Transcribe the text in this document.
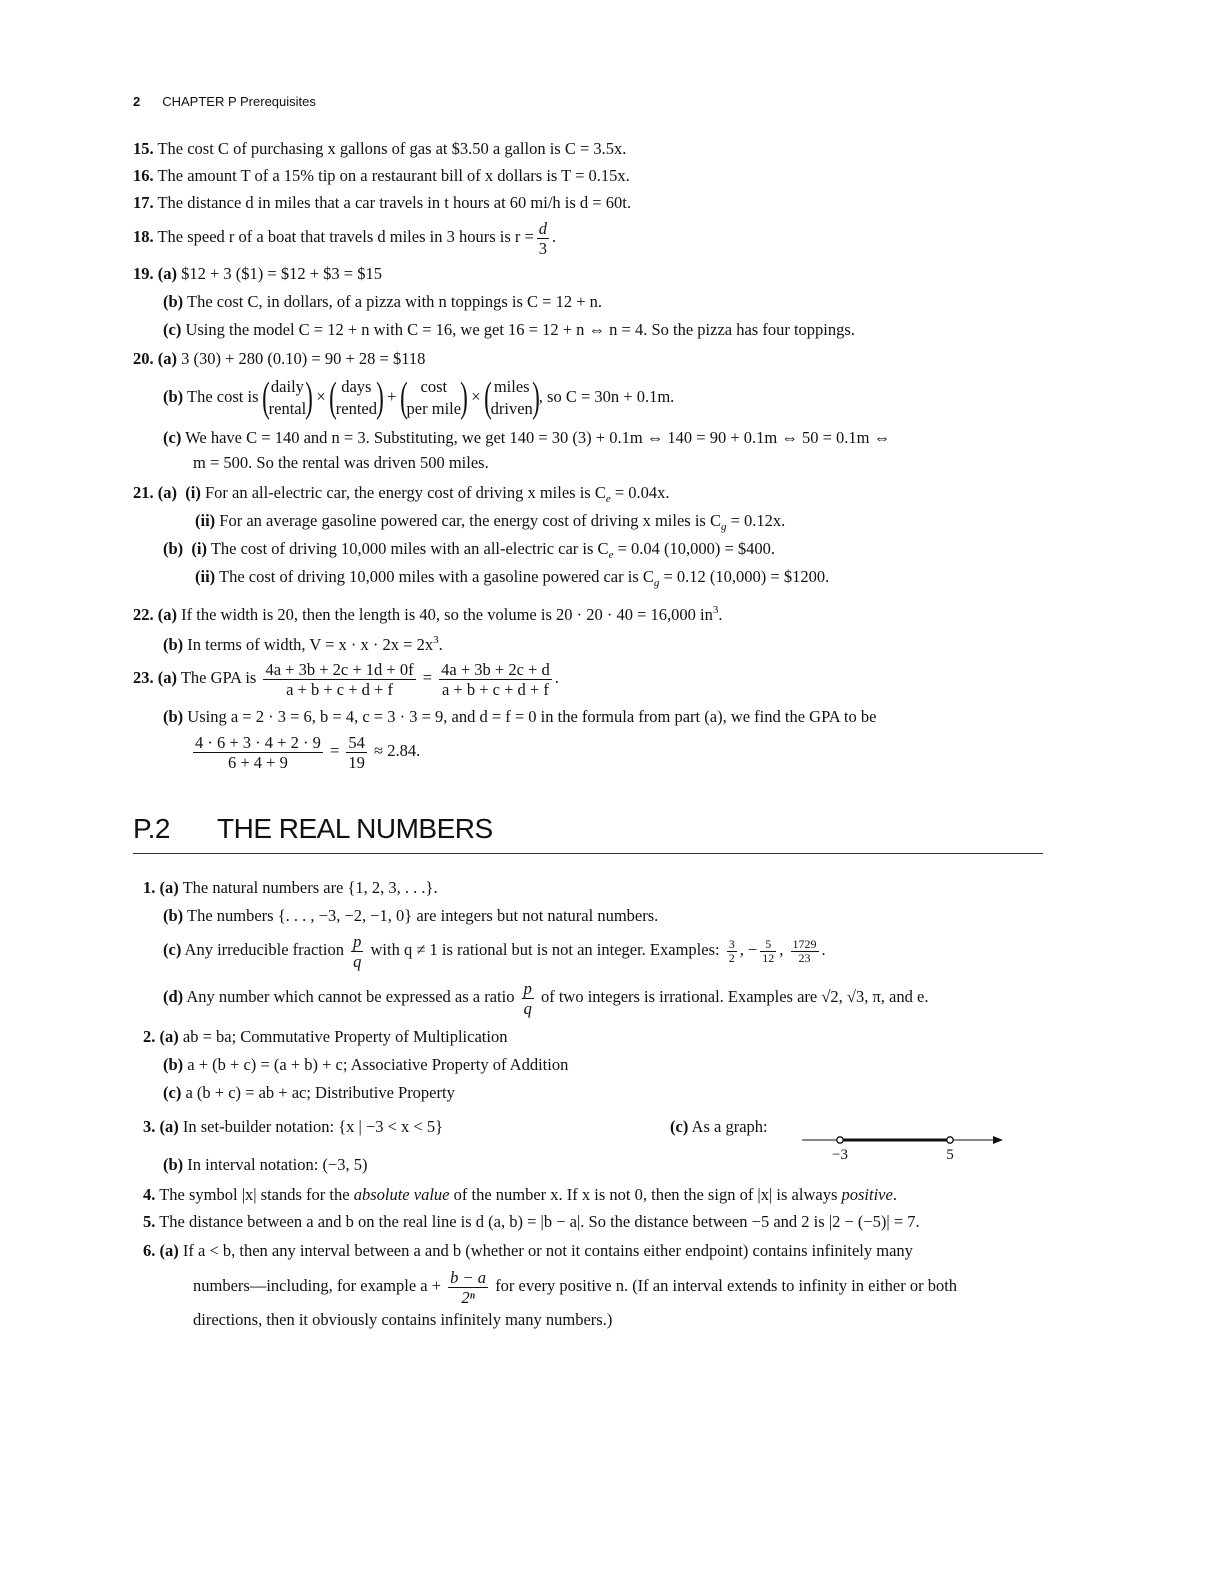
2 CHAPTER P Prerequisites
15. The cost C of purchasing x gallons of gas at $3.50 a gallon is C = 3.5x.
16. The amount T of a 15% tip on a restaurant bill of x dollars is T = 0.15x.
17. The distance d in miles that a car travels in t hours at 60 mi/h is d = 60t.
18. The speed r of a boat that travels d miles in 3 hours is $r = \frac{d}{3}$ .
19. (a) $12 + 3 ($1) = $12 + $3 = $15
(b) The cost C, in dollars, of a pizza with n toppings is C = 12 + n.
(c) Using the model C = 12 + n with C = 16, we get 16 = 12 + n ⇔ n = 4. So the pizza has four toppings.
20. (a) 3 (30) + 280 (0.10) = 90 + 28 = $118
(b) The cost is ( daily
rental ) × ( days
rented ) + ( cost
per mile ) × ( miles
driven ), so C = 30n + 0.1m.
(c) We have C = 140 and n = 3. Substituting, we get 140 = 30 (3) + 0.1m ⇔ 140 = 90 + 0.1m ⇔ 50 = 0.1m ⇔
m = 500. So the rental was driven 500 miles.
21. (a) (i) For an all-electric car, the energy cost of driving x miles is $C_e = 0.04x$.
(ii) For an average gasoline powered car, the energy cost of driving x miles is $C_g = 0.12x$.
(b) (i) The cost of driving 10,000 miles with an all-electric car is $C_e = 0.04$ (10,000) = $400.
(ii) The cost of driving 10,000 miles with a gasoline powered car is $C_g = 0.12$ (10,000) = $1200.
22. (a) If the width is 20, then the length is 40, so the volume is 20 · 20 · 40 = 16,000 $in^3$.
(b) In terms of width, $V = x \cdot x \cdot 2x = 2x^3$.
23. (a) The GPA is $\frac{4a + 3b + 2c + 1d + 0f}{a + b + c + d + f} = \frac{4a + 3b + 2c + d}{a + b + c + d + f}$ .
(b) Using a = 2 · 3 = 6, b = 4, c = 3 · 3 = 9, and d = f = 0 in the formula from part (a), we find the GPA to be
$\frac{4 \cdot 6 + 3 \cdot 4 + 2 \cdot 9}{6 + 4 + 9} = \frac{54}{19} \approx 2.84$.
P.2 THE REAL NUMBERS
1. (a) The natural numbers are {1, 2, 3, . . .}.
(b) The numbers {. . . , −3, −2, −1, 0} are integers but not natural numbers.
(c) Any irreducible fraction $\frac{p}{q}$ with q ≠ 1 is rational but is not an integer. Examples: $\frac{3}{2}$ , − $\frac{5}{12}$ , $\frac{1729}{23}$ .
(d) Any number which cannot be expressed as a ratio $\frac{p}{q}$ of two integers is irrational. Examples are √2, √3, π, and e.
2. (a) ab = ba; Commutative Property of Multiplication
(b) a + (b + c) = (a + b) + c; Associative Property of Addition
(c) a (b + c) = ab + ac; Distributive Property
3. (a) In set-builder notation: {x | −3 < x < 5}	(c) As a graph:
−3	5
(b) In interval notation: (−3, 5)
4. The symbol |x| stands for the absolute value of the number x. If x is not 0, then the sign of |x| is always positive.
5. The distance between a and b on the real line is d (a, b) = |b − a|. So the distance between −5 and 2 is |2 − (−5)| = 7.
6. (a) If a < b, then any interval between a and b (whether or not it contains either endpoint) contains infinitely many
numbers—including, for example $a + \frac{b - a}{\text{2ⁿ}}$ for every positive n. (If an interval extends to infinity in either or both
directions, then it obviously contains infinitely many numbers.)
